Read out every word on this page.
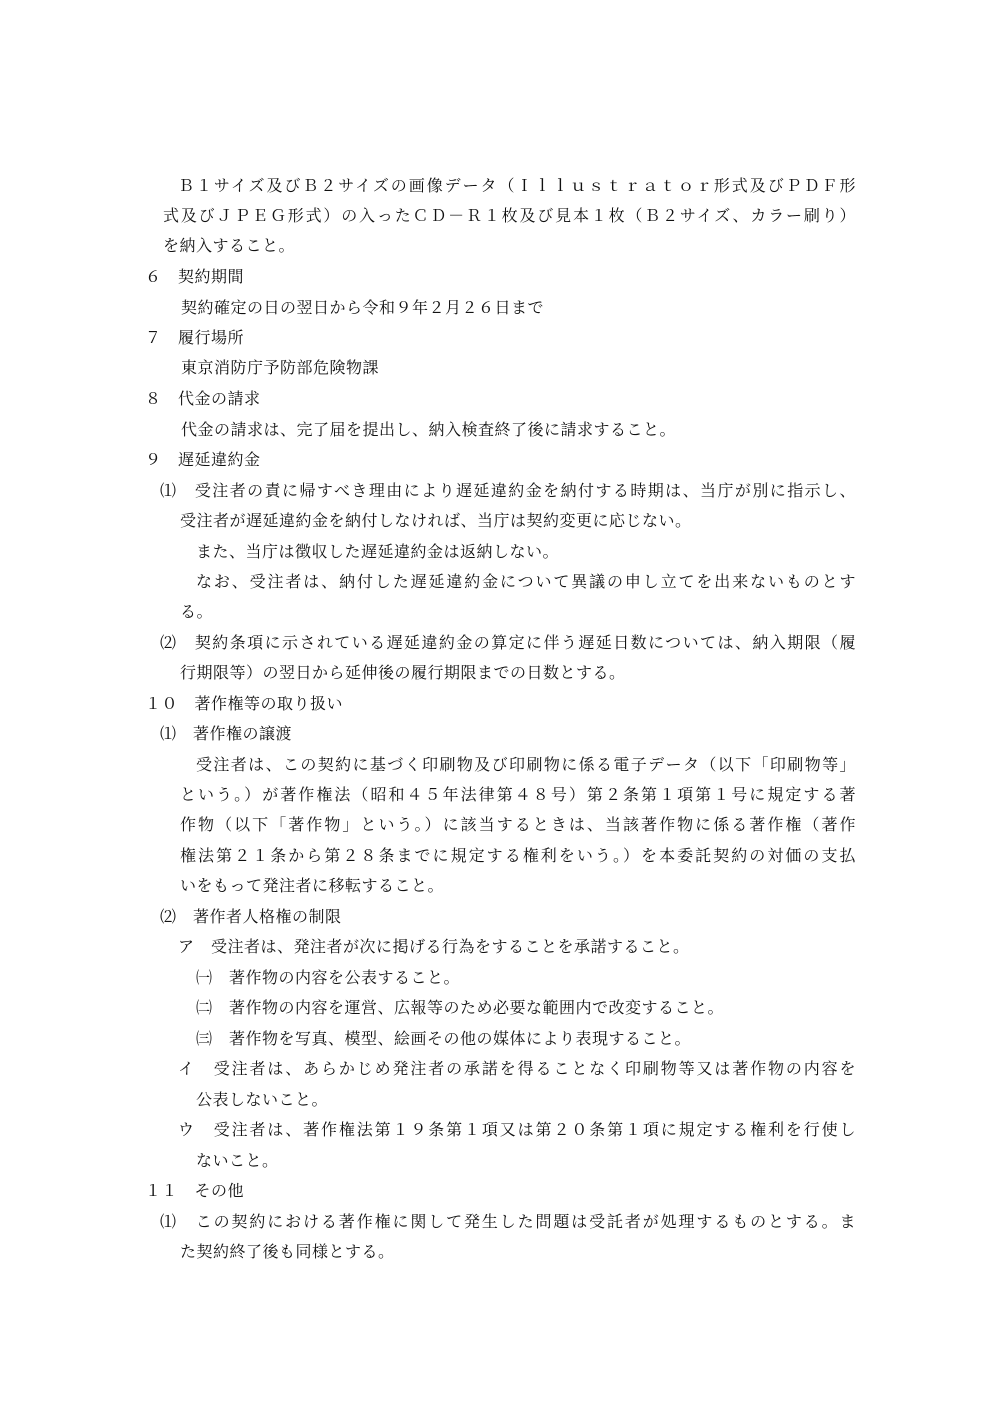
Ｂ１サイズ及びＢ２サイズの画像データ（Ｉｌｌｕｓｔｒａｔｏｒ形式及びＰＤＦ形
式及びＪＰＥＧ形式）の入ったＣＤ－Ｒ１枚及び見本１枚（Ｂ２サイズ、カラー刷り）
を納入すること。
６　契約期間
契約確定の日の翌日から令和９年２月２６日まで
７　履行場所
東京消防庁予防部危険物課
８　代金の請求
代金の請求は、完了届を提出し、納入検査終了後に請求すること。
９　遅延違約金
⑴　受注者の責に帰すべき理由により遅延違約金を納付する時期は、当庁が別に指示し、
受注者が遅延違約金を納付しなければ、当庁は契約変更に応じない。
また、当庁は徴収した遅延違約金は返納しない。
なお、受注者は、納付した遅延違約金について異議の申し立てを出来ないものとす
る。
⑵　契約条項に示されている遅延違約金の算定に伴う遅延日数については、納入期限（履
行期限等）の翌日から延伸後の履行期限までの日数とする。
１０　著作権等の取り扱い
⑴　著作権の譲渡
受注者は、この契約に基づく印刷物及び印刷物に係る電子データ（以下「印刷物等」
という。）が著作権法（昭和４５年法律第４８号）第２条第１項第１号に規定する著
作物（以下「著作物」という。）に該当するときは、当該著作物に係る著作権（著作
権法第２１条から第２８条までに規定する権利をいう。）を本委託契約の対価の支払
いをもって発注者に移転すること。
⑵　著作者人格権の制限
ア　受注者は、発注者が次に掲げる行為をすることを承諾すること。
㈠　著作物の内容を公表すること。
㈡　著作物の内容を運営、広報等のため必要な範囲内で改変すること。
㈢　著作物を写真、模型、絵画その他の媒体により表現すること。
イ　受注者は、あらかじめ発注者の承諾を得ることなく印刷物等又は著作物の内容を
公表しないこと。
ウ　受注者は、著作権法第１９条第１項又は第２０条第１項に規定する権利を行使し
ないこと。
１１　その他
⑴　この契約における著作権に関して発生した問題は受託者が処理するものとする。ま
た契約終了後も同様とする。
